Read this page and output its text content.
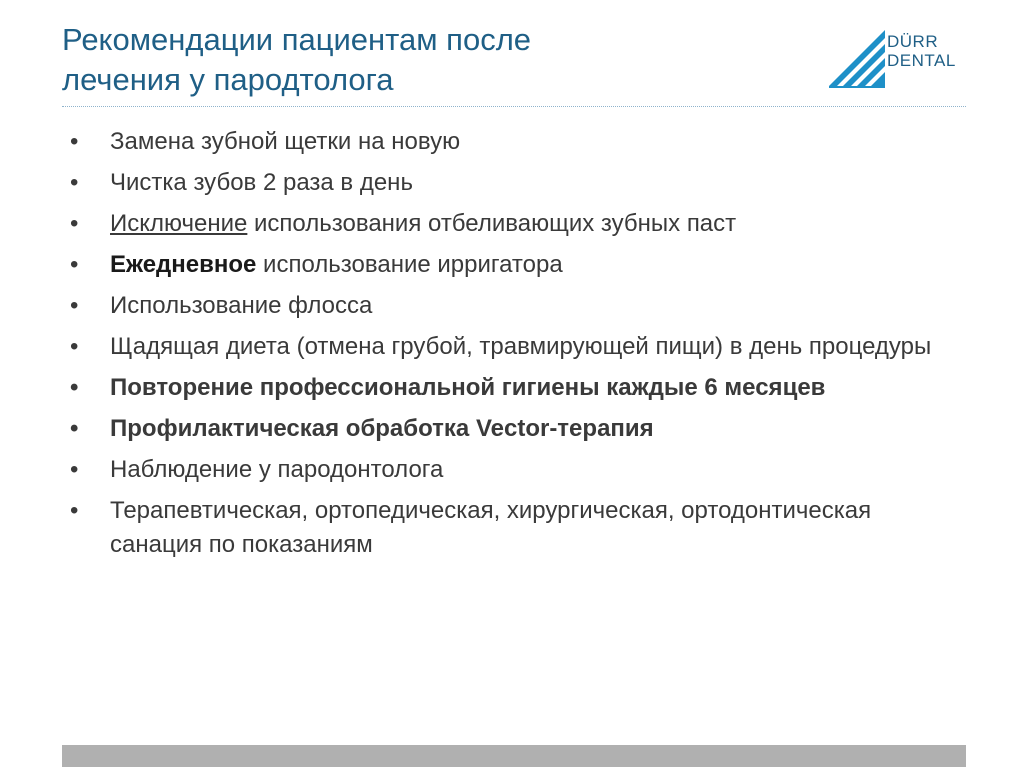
Рекомендации пациентам после
лечения у пародтолога
DÜRR
DENTAL
• Замена зубной щетки на новую
• Чистка зубов 2 раза в день
• Исключение использования отбеливающих зубных паст
• Ежедневное использование ирригатора
• Использование флосса
• Щадящая диета (отмена грубой, травмирующей пищи) в день процедуры
• Повторение профессиональной гигиены каждые 6 месяцев
• Профилактическая обработка Vector-терапия
• Наблюдение у пародонтолога
• Терапевтическая, ортопедическая, хирургическая, ортодонтическая санация по показаниям
